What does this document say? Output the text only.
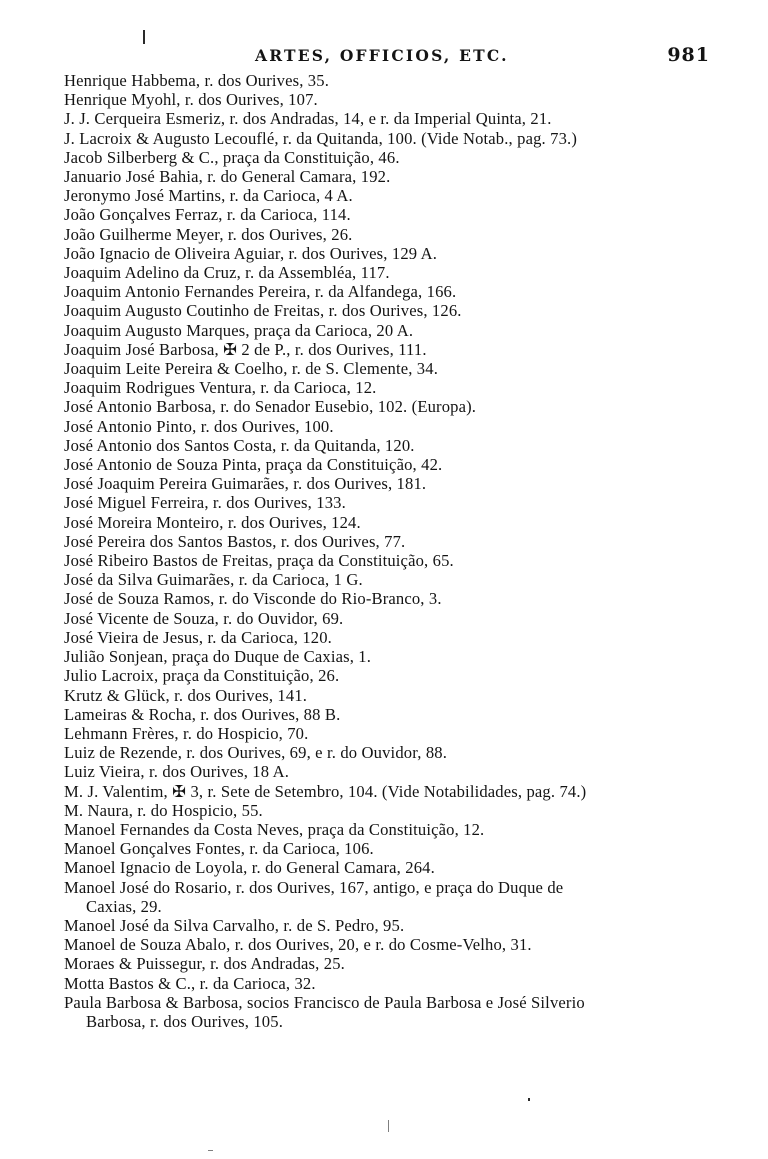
ARTES, OFFICIOS, ETC.	981
Henrique Habbema, r. dos Ourives, 35.
Henrique Myohl, r. dos Ourives, 107.
J. J. Cerqueira Esmeriz, r. dos Andradas, 14, e r. da Imperial Quinta, 21.
J. Lacroix & Augusto Lecouflé, r. da Quitanda, 100. (Vide Notab., pag. 73.)
Jacob Silberberg & C., praça da Constituição, 46.
Januario José Bahia, r. do General Camara, 192.
Jeronymo José Martins, r. da Carioca, 4 A.
João Gonçalves Ferraz, r. da Carioca, 114.
João Guilherme Meyer, r. dos Ourives, 26.
João Ignacio de Oliveira Aguiar, r. dos Ourives, 129 A.
Joaquim Adelino da Cruz, r. da Assembléa, 117.
Joaquim Antonio Fernandes Pereira, r. da Alfandega, 166.
Joaquim Augusto Coutinho de Freitas, r. dos Ourives, 126.
Joaquim Augusto Marques, praça da Carioca, 20 A.
Joaquim José Barbosa, ✠ 2 de P., r. dos Ourives, 111.
Joaquim Leite Pereira & Coelho, r. de S. Clemente, 34.
Joaquim Rodrigues Ventura, r. da Carioca, 12.
José Antonio Barbosa, r. do Senador Eusebio, 102. (Europa).
José Antonio Pinto, r. dos Ourives, 100.
José Antonio dos Santos Costa, r. da Quitanda, 120.
José Antonio de Souza Pinta, praça da Constituição, 42.
José Joaquim Pereira Guimarães, r. dos Ourives, 181.
José Miguel Ferreira, r. dos Ourives, 133.
José Moreira Monteiro, r. dos Ourives, 124.
José Pereira dos Santos Bastos, r. dos Ourives, 77.
José Ribeiro Bastos de Freitas, praça da Constituição, 65.
José da Silva Guimarães, r. da Carioca, 1 G.
José de Souza Ramos, r. do Visconde do Rio-Branco, 3.
José Vicente de Souza, r. do Ouvidor, 69.
José Vieira de Jesus, r. da Carioca, 120.
Julião Sonjean, praça do Duque de Caxias, 1.
Julio Lacroix, praça da Constituição, 26.
Krutz & Glück, r. dos Ourives, 141.
Lameiras & Rocha, r. dos Ourives, 88 B.
Lehmann Frères, r. do Hospicio, 70.
Luiz de Rezende, r. dos Ourives, 69, e r. do Ouvidor, 88.
Luiz Vieira, r. dos Ourives, 18 A.
M. J. Valentim, ✠ 3, r. Sete de Setembro, 104. (Vide Notabilidades, pag. 74.)
M. Naura, r. do Hospicio, 55.
Manoel Fernandes da Costa Neves, praça da Constituição, 12.
Manoel Gonçalves Fontes, r. da Carioca, 106.
Manoel Ignacio de Loyola, r. do General Camara, 264.
Manoel José do Rosario, r. dos Ourives, 167, antigo, e praça do Duque de
Caxias, 29.
Manoel José da Silva Carvalho, r. de S. Pedro, 95.
Manoel de Souza Abalo, r. dos Ourives, 20, e r. do Cosme-Velho, 31.
Moraes & Puissegur, r. dos Andradas, 25.
Motta Bastos & C., r. da Carioca, 32.
Paula Barbosa & Barbosa, socios Francisco de Paula Barbosa e José Silverio
Barbosa, r. dos Ourives, 105.
